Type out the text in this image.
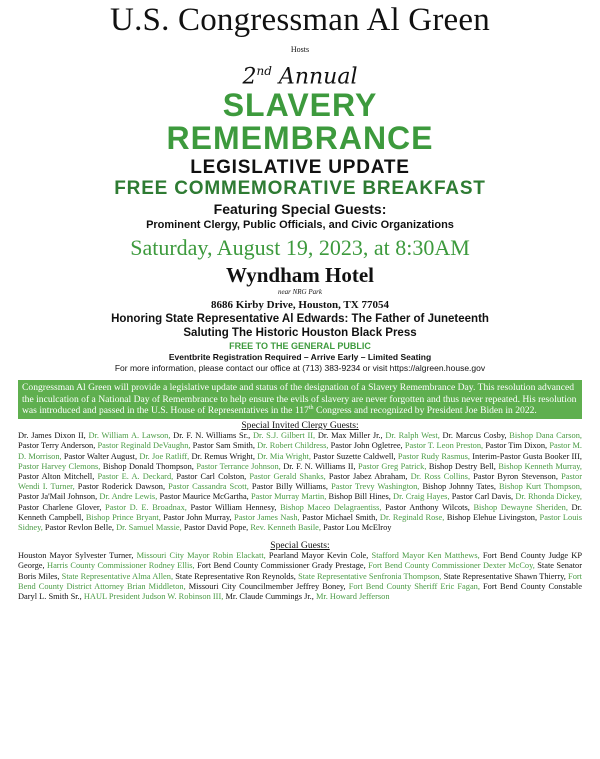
U.S. Congressman Al Green
Hosts
2nd Annual
SLAVERY
REMEMBRANCE
LEGISLATIVE UPDATE
FREE COMMEMORATIVE BREAKFAST
Featuring Special Guests:
Prominent Clergy, Public Officials, and Civic Organizations
Saturday, August 19, 2023, at 8:30AM
Wyndham Hotel
near NRG Park
8686 Kirby Drive, Houston, TX 77054
Honoring State Representative Al Edwards: The Father of Juneteenth
Saluting The Historic Houston Black Press
FREE TO THE GENERAL PUBLIC
Eventbrite Registration Required – Arrive Early – Limited Seating
For more information, please contact our office at (713) 383-9234 or visit https://algreen.house.gov
Congressman Al Green will provide a legislative update and status of the designation of a Slavery Remembrance Day. This resolution advanced the inculcation of a National Day of Remembrance to help ensure the evils of slavery are never forgotten and thus never repeated. His resolution was introduced and passed in the U.S. House of Representatives in the 117th Congress and recognized by President Joe Biden in 2022.
Special Invited Clergy Guests:
Dr. James Dixon II, Dr. William A. Lawson, Dr. F. N. Williams Sr., Dr. S.J. Gilbert II, Dr. Max Miller Jr., Dr. Ralph West, Dr. Marcus Cosby, Bishop Dana Carson, Pastor Terry Anderson, Pastor Reginald DeVaughn, Pastor Sam Smith, Dr. Robert Childress, Pastor John Ogletree, Pastor T. Leon Preston, Pastor Tim Dixon, Pastor M. D. Morrison, Pastor Walter August, Dr. Joe Ratliff, Dr. Remus Wright, Dr. Mia Wright, Pastor Suzette Caldwell, Pastor Rudy Rasmus, Interim-Pastor Gusta Booker III, Pastor Harvey Clemons, Bishop Donald Thompson, Pastor Terrance Johnson, Dr. F. N. Williams II, Pastor Greg Patrick, Bishop Destry Bell, Bishop Kenneth Murray, Pastor Alton Mitchell, Pastor E. A. Deckard, Pastor Carl Colston, Pastor Gerald Shanks, Pastor Jabez Abraham, Dr. Ross Collins, Pastor Byron Stevenson, Pastor Wendi I. Turner, Pastor Roderick Dawson, Pastor Cassandra Scott, Pastor Billy Williams, Pastor Trevy Washington, Bishop Johnny Tates, Bishop Kurt Thompson, Pastor Ja'Mail Johnson, Dr. Andre Lewis, Pastor Maurice McGartha, Pastor Murray Martin, Bishop Bill Hines, Dr. Craig Hayes, Pastor Carl Davis, Dr. Rhonda Dickey, Pastor Charlene Glover, Pastor D. E. Broadnax, Pastor William Hennesy, Bishop Maceo Delagraentiss, Pastor Anthony Wilcots, Bishop Dewayne Sheriden, Dr. Kenneth Campbell, Bishop Prince Bryant, Pastor John Murray, Pastor James Nash, Pastor Michael Smith, Dr. Reginald Rose, Bishop Elehue Livingston, Pastor Louis Sidney, Pastor Revlon Belle, Dr. Samuel Massie, Pastor David Pope, Rev. Kenneth Basile, Pastor Lou McElroy
Special Guests:
Houston Mayor Sylvester Turner, Missouri City Mayor Robin Elackatt, Pearland Mayor Kevin Cole, Stafford Mayor Ken Matthews, Fort Bend County Judge KP George, Harris County Commissioner Rodney Ellis, Fort Bend County Commissioner Grady Prestage, Fort Bend County Commissioner Dexter McCoy, State Senator Boris Miles, State Representative Alma Allen, State Representative Ron Reynolds, State Representative Senfronia Thompson, State Representative Shawn Thierry, Fort Bend County District Attorney Brian Middleton, Missouri City Councilmember Jeffrey Boney, Fort Bend County Sheriff Eric Fagan, Fort Bend County Constable Daryl L. Smith Sr., HAUL President Judson W. Robinson III, Mr. Claude Cummings Jr., Mr. Howard Jefferson
